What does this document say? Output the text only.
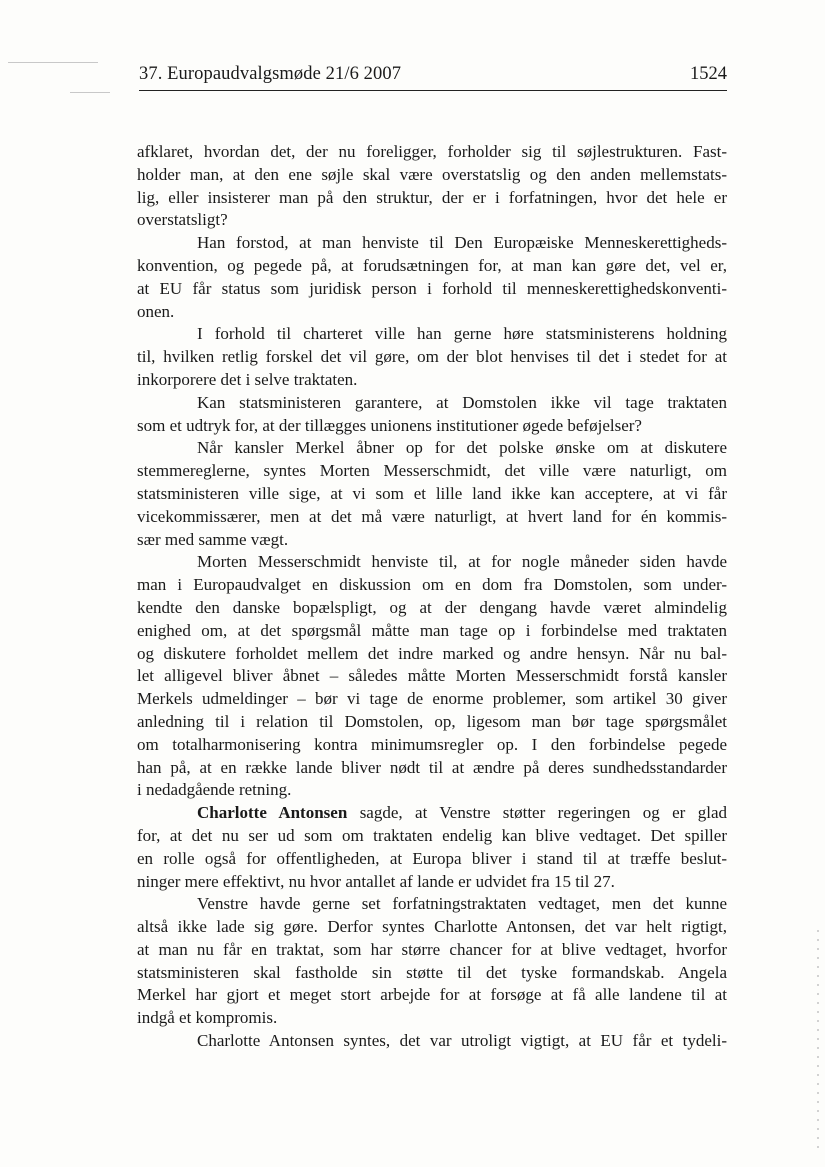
37. Europaudvalgsmøde 21/6 2007	1524
afklaret, hvordan det, der nu foreligger, forholder sig til søjlestrukturen. Fast-
holder man, at den ene søjle skal være overstatslig og den anden mellemstats-
lig, eller insisterer man på den struktur, der er i forfatningen, hvor det hele er
overstatsligt?
Han forstod, at man henviste til Den Europæiske Menneskerettigheds-
konvention, og pegede på, at forudsætningen for, at man kan gøre det, vel er,
at EU får status som juridisk person i forhold til menneskerettighedskonventi-
onen.
I forhold til charteret ville han gerne høre statsministerens holdning
til, hvilken retlig forskel det vil gøre, om der blot henvises til det i stedet for at
inkorporere det i selve traktaten.
Kan statsministeren garantere, at Domstolen ikke vil tage traktaten
som et udtryk for, at der tillægges unionens institutioner øgede beføjelser?
Når kansler Merkel åbner op for det polske ønske om at diskutere
stemmereglerne, syntes Morten Messerschmidt, det ville være naturligt, om
statsministeren ville sige, at vi som et lille land ikke kan acceptere, at vi får
vicekommissærer, men at det må være naturligt, at hvert land for én kommis-
sær med samme vægt.
Morten Messerschmidt henviste til, at for nogle måneder siden havde
man i Europaudvalget en diskussion om en dom fra Domstolen, som under-
kendte den danske bopælspligt, og at der dengang havde været almindelig
enighed om, at det spørgsmål måtte man tage op i forbindelse med traktaten
og diskutere forholdet mellem det indre marked og andre hensyn. Når nu bal-
let alligevel bliver åbnet – således måtte Morten Messerschmidt forstå kansler
Merkels udmeldinger – bør vi tage de enorme problemer, som artikel 30 giver
anledning til i relation til Domstolen, op, ligesom man bør tage spørgsmålet
om totalharmonisering kontra minimumsregler op. I den forbindelse pegede
han på, at en række lande bliver nødt til at ændre på deres sundhedsstandarder
i nedadgående retning.
Charlotte Antonsen sagde, at Venstre støtter regeringen og er glad
for, at det nu ser ud som om traktaten endelig kan blive vedtaget. Det spiller
en rolle også for offentligheden, at Europa bliver i stand til at træffe beslut-
ninger mere effektivt, nu hvor antallet af lande er udvidet fra 15 til 27.
Venstre havde gerne set forfatningstraktaten vedtaget, men det kunne
altså ikke lade sig gøre. Derfor syntes Charlotte Antonsen, det var helt rigtigt,
at man nu får en traktat, som har større chancer for at blive vedtaget, hvorfor
statsministeren skal fastholde sin støtte til det tyske formandskab. Angela
Merkel har gjort et meget stort arbejde for at forsøge at få alle landene til at
indgå et kompromis.
Charlotte Antonsen syntes, det var utroligt vigtigt, at EU får et tydeli-
